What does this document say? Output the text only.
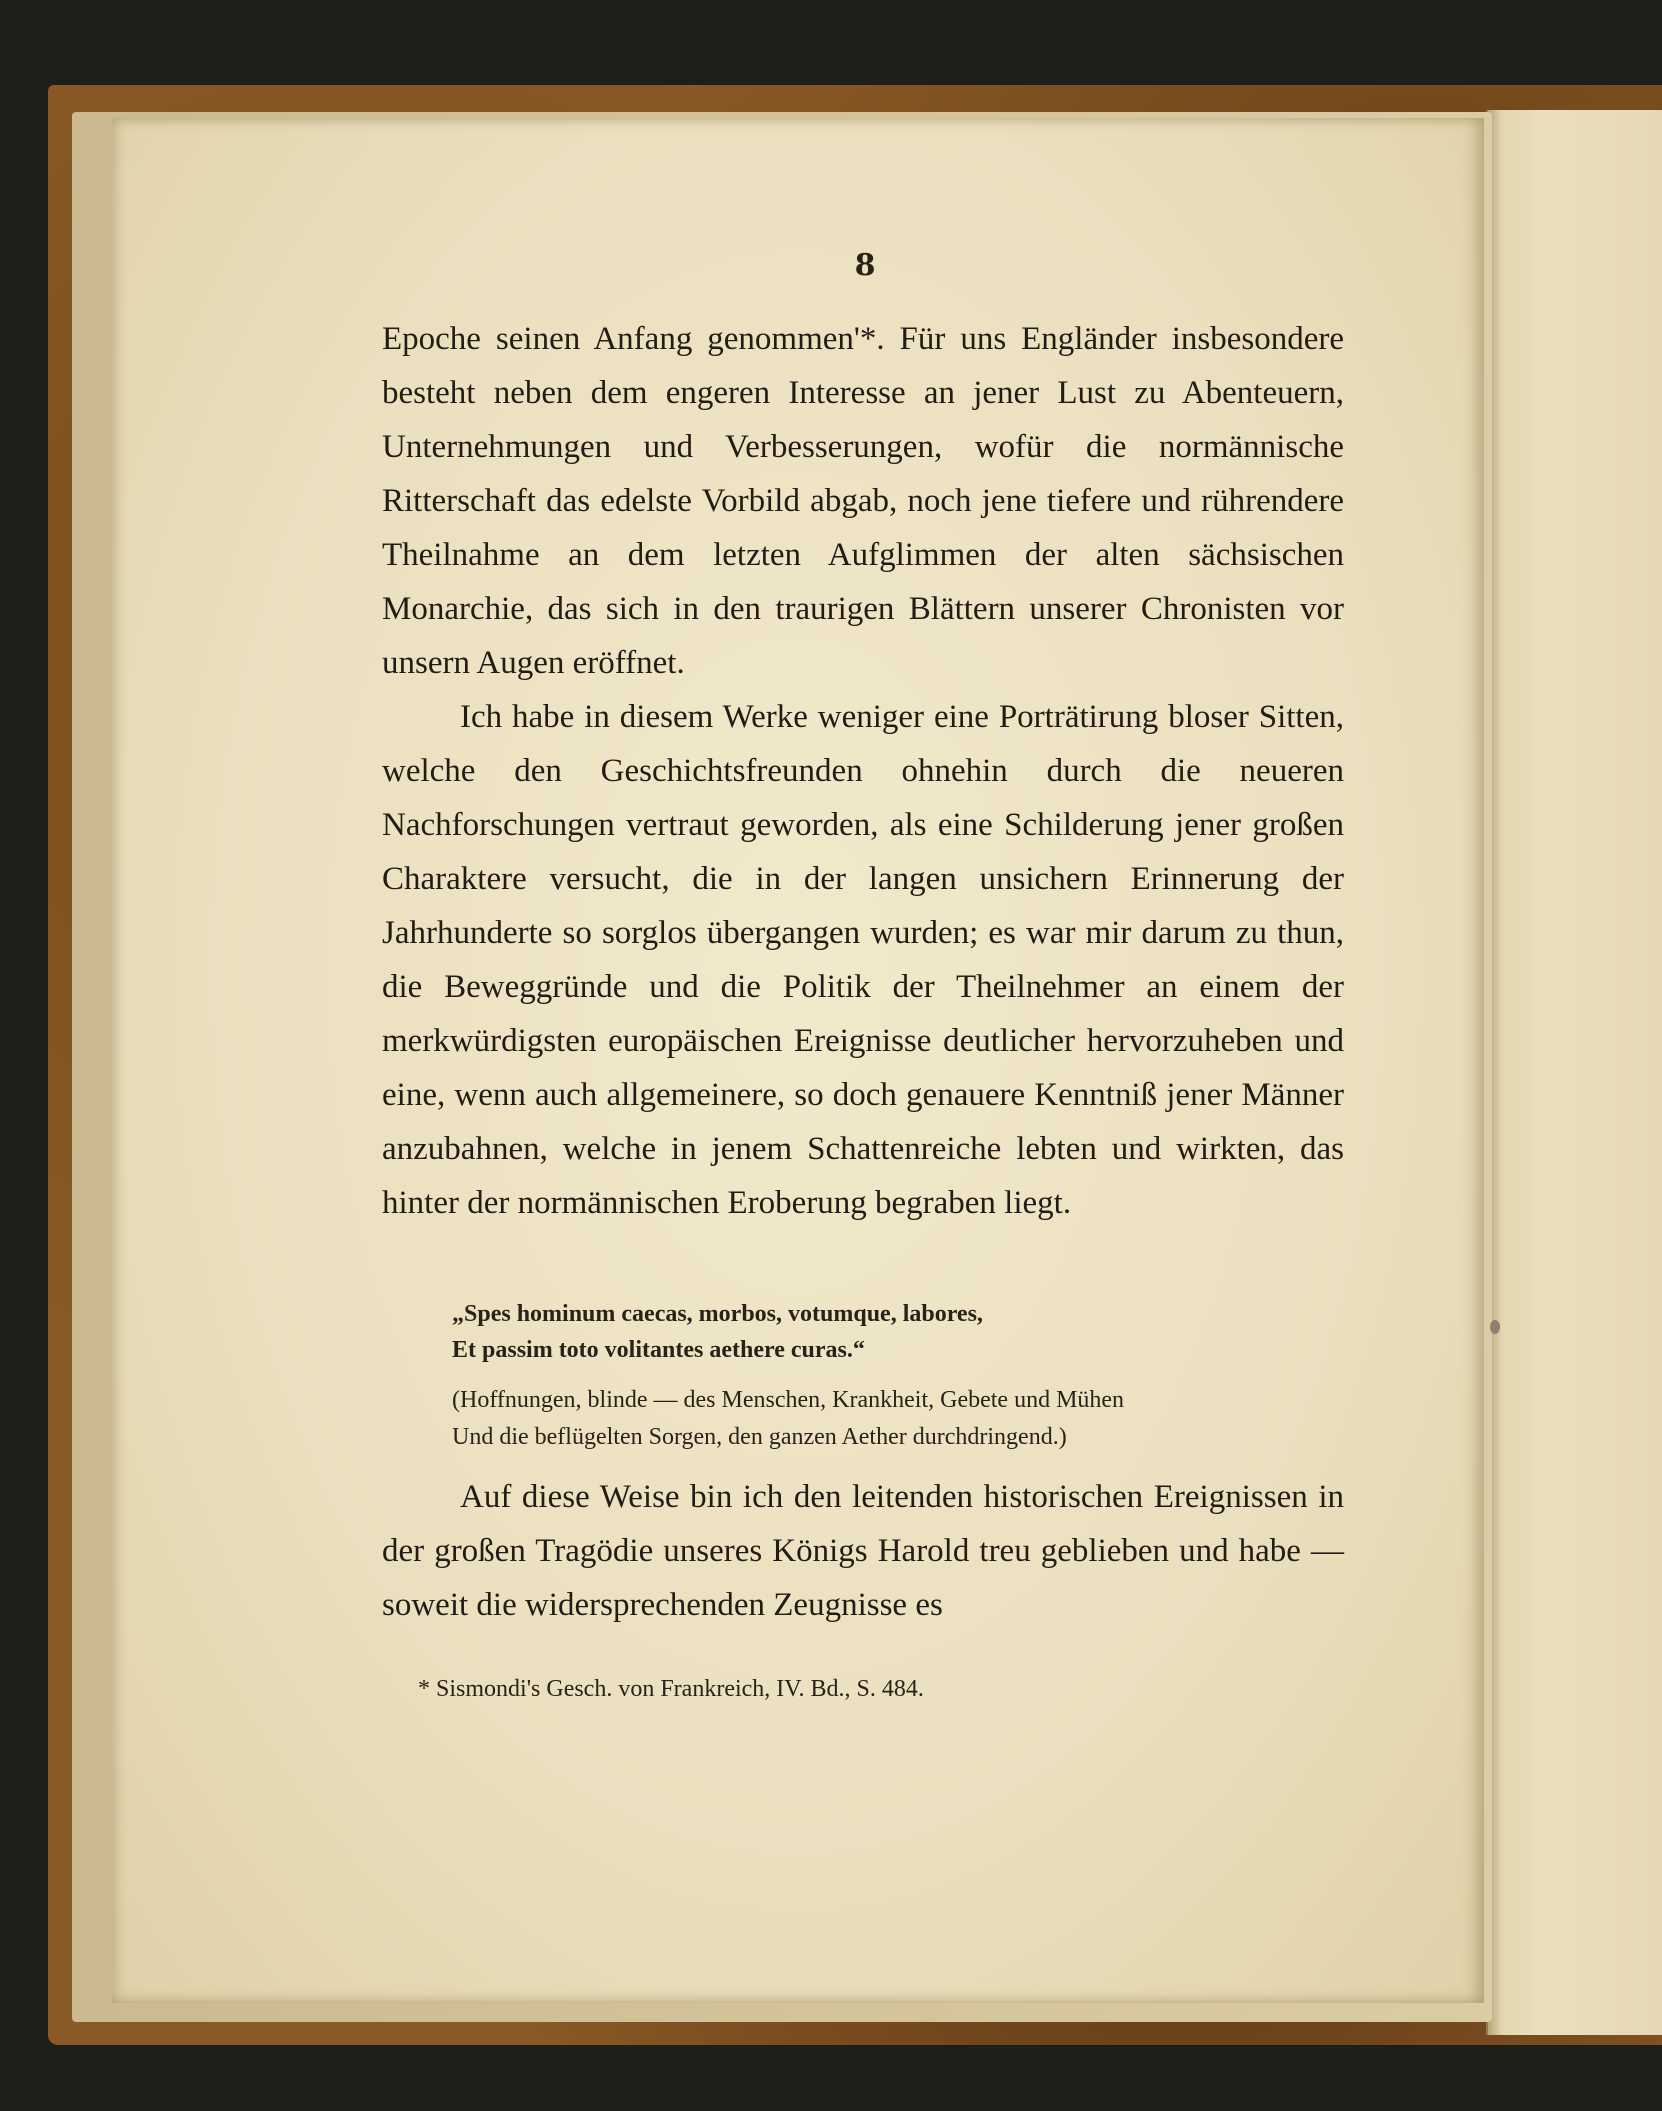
8

Epoche seinen Anfang genommen'*. Für uns Engländer insbesondere besteht neben dem engeren Interesse an jener Lust zu Abenteuern, Unternehmungen und Verbesserungen, wofür die normännische Ritterschaft das edelste Vorbild abgab, noch jene tiefere und rührendere Theilnahme an dem letzten Aufglimmen der alten sächsischen Monarchie, das sich in den traurigen Blättern unserer Chronisten vor unsern Augen eröffnet.

Ich habe in diesem Werke weniger eine Porträtirung bloser Sitten, welche den Geschichtsfreunden ohnehin durch die neueren Nachforschungen vertraut geworden, als eine Schilderung jener großen Charaktere versucht, die in der langen unsichern Erinnerung der Jahrhunderte so sorglos übergangen wurden; es war mir darum zu thun, die Beweggründe und die Politik der Theilnehmer an einem der merkwürdigsten europäischen Ereignisse deutlicher hervorzuheben und eine, wenn auch allgemeinere, so doch genauere Kenntniß jener Männer anzubahnen, welche in jenem Schattenreiche lebten und wirkten, das hinter der normännischen Eroberung begraben liegt.

„Spes hominum caecas, morbos, votumque, labores,
Et passim toto volitantes aethere curas.“

(Hoffnungen, blinde — des Menschen, Krankheit, Gebete und Mühen
Und die beflügelten Sorgen, den ganzen Aether durchdringend.)

Auf diese Weise bin ich den leitenden historischen Ereignissen in der großen Tragödie unseres Königs Harold treu geblieben und habe — soweit die widersprechenden Zeugnisse es

* Sismondi's Gesch. von Frankreich, IV. Bd., S. 484.
